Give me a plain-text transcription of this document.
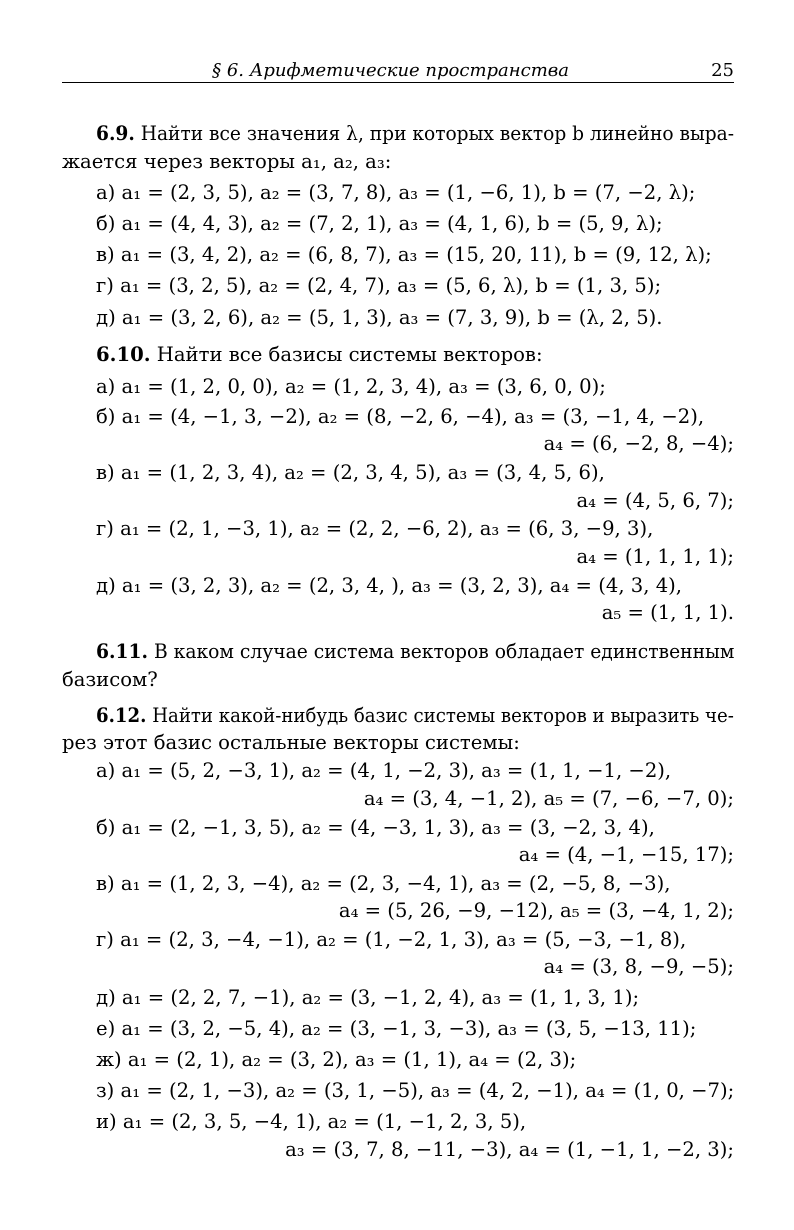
§ 6. Арифметические пространства	25
6.9. Найти все значения λ, при которых вектор b линейно выра-
жается через векторы a₁, a₂, a₃:
а) a₁ = (2, 3, 5), a₂ = (3, 7, 8), a₃ = (1, −6, 1), b = (7, −2, λ);
б) a₁ = (4, 4, 3), a₂ = (7, 2, 1), a₃ = (4, 1, 6), b = (5, 9, λ);
в) a₁ = (3, 4, 2), a₂ = (6, 8, 7), a₃ = (15, 20, 11), b = (9, 12, λ);
г) a₁ = (3, 2, 5), a₂ = (2, 4, 7), a₃ = (5, 6, λ), b = (1, 3, 5);
д) a₁ = (3, 2, 6), a₂ = (5, 1, 3), a₃ = (7, 3, 9), b = (λ, 2, 5).
6.10. Найти все базисы системы векторов:
а) a₁ = (1, 2, 0, 0), a₂ = (1, 2, 3, 4), a₃ = (3, 6, 0, 0);
б) a₁ = (4, −1, 3, −2), a₂ = (8, −2, 6, −4), a₃ = (3, −1, 4, −2),
a₄ = (6, −2, 8, −4);
в) a₁ = (1, 2, 3, 4), a₂ = (2, 3, 4, 5), a₃ = (3, 4, 5, 6),
a₄ = (4, 5, 6, 7);
г) a₁ = (2, 1, −3, 1), a₂ = (2, 2, −6, 2), a₃ = (6, 3, −9, 3),
a₄ = (1, 1, 1, 1);
д) a₁ = (3, 2, 3), a₂ = (2, 3, 4, ), a₃ = (3, 2, 3), a₄ = (4, 3, 4),
a₅ = (1, 1, 1).
6.11. В каком случае система векторов обладает единственным
базисом?
6.12. Найти какой-нибудь базис системы векторов и выразить че-
рез этот базис остальные векторы системы:
а) a₁ = (5, 2, −3, 1), a₂ = (4, 1, −2, 3), a₃ = (1, 1, −1, −2),
a₄ = (3, 4, −1, 2), a₅ = (7, −6, −7, 0);
б) a₁ = (2, −1, 3, 5), a₂ = (4, −3, 1, 3), a₃ = (3, −2, 3, 4),
a₄ = (4, −1, −15, 17);
в) a₁ = (1, 2, 3, −4), a₂ = (2, 3, −4, 1), a₃ = (2, −5, 8, −3),
a₄ = (5, 26, −9, −12), a₅ = (3, −4, 1, 2);
г) a₁ = (2, 3, −4, −1), a₂ = (1, −2, 1, 3), a₃ = (5, −3, −1, 8),
a₄ = (3, 8, −9, −5);
д) a₁ = (2, 2, 7, −1), a₂ = (3, −1, 2, 4), a₃ = (1, 1, 3, 1);
е) a₁ = (3, 2, −5, 4), a₂ = (3, −1, 3, −3), a₃ = (3, 5, −13, 11);
ж) a₁ = (2, 1), a₂ = (3, 2), a₃ = (1, 1), a₄ = (2, 3);
з) a₁ = (2, 1, −3), a₂ = (3, 1, −5), a₃ = (4, 2, −1), a₄ = (1, 0, −7);
и) a₁ = (2, 3, 5, −4, 1), a₂ = (1, −1, 2, 3, 5),
a₃ = (3, 7, 8, −11, −3), a₄ = (1, −1, 1, −2, 3);
